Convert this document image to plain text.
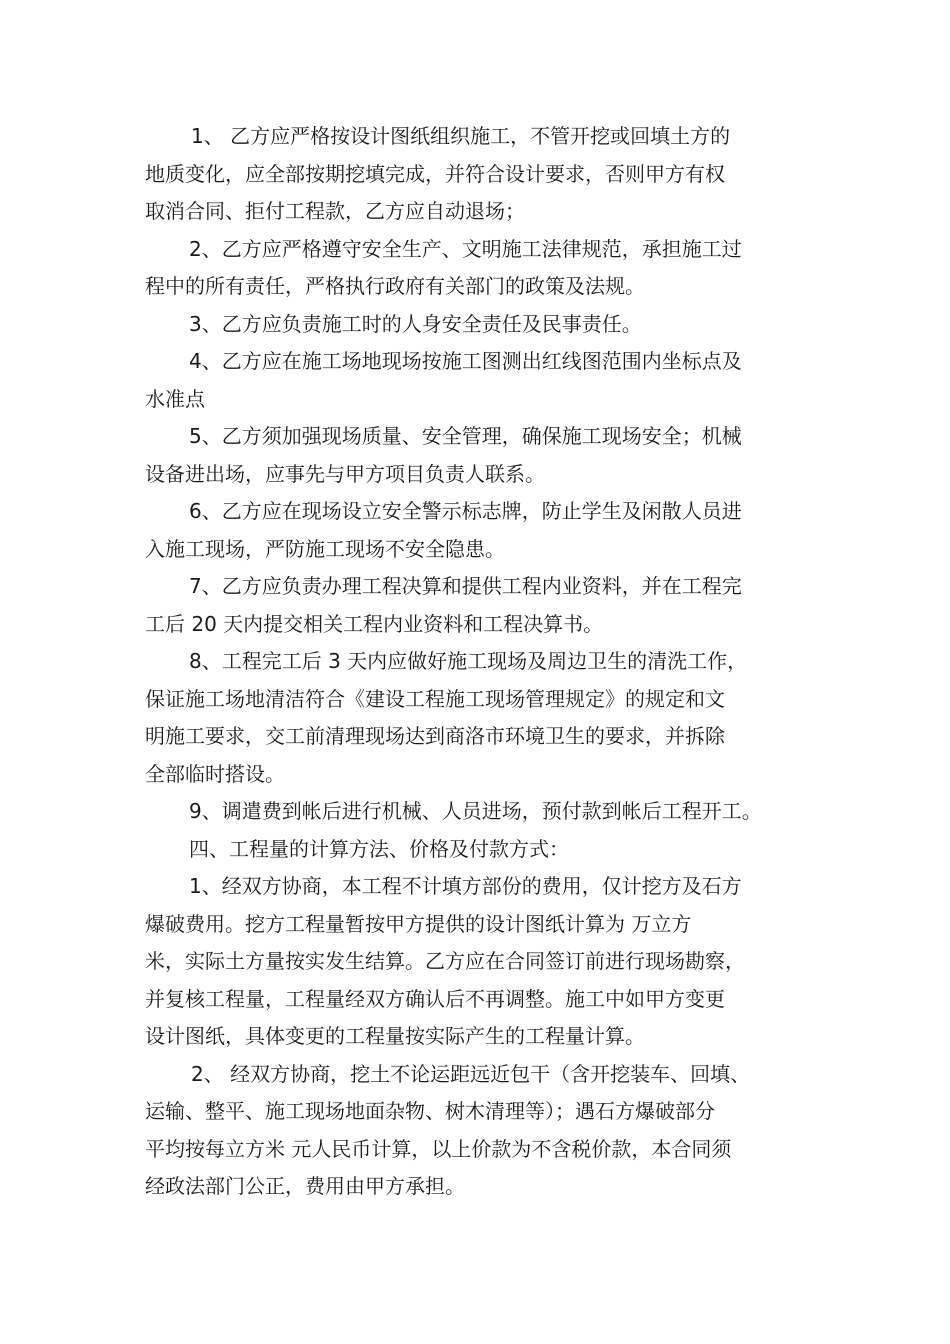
1、 乙方应严格按设计图纸组织施工，不管开挖或回填土方的
地质变化，应全部按期挖填完成，并符合设计要求，否则甲方有权
取消合同、拒付工程款，乙方应自动退场；
2、乙方应严格遵守安全生产、文明施工法律规范，承担施工过
程中的所有责任，严格执行政府有关部门的政策及法规。
3、乙方应负责施工时的人身安全责任及民事责任。
4、乙方应在施工场地现场按施工图测出红线图范围内坐标点及
水准点
5、乙方须加强现场质量、安全管理，确保施工现场安全；机械
设备进出场，应事先与甲方项目负责人联系。
6、乙方应在现场设立安全警示标志牌，防止学生及闲散人员进
入施工现场，严防施工现场不安全隐患。
7、乙方应负责办理工程决算和提供工程内业资料，并在工程完
工后 20 天内提交相关工程内业资料和工程决算书。
8、工程完工后 3 天内应做好施工现场及周边卫生的清洗工作，
保证施工场地清洁符合《建设工程施工现场管理规定》的规定和文
明施工要求，交工前清理现场达到商洛市环境卫生的要求，并拆除
全部临时搭设。
9、调遣费到帐后进行机械、人员进场，预付款到帐后工程开工。
四、工程量的计算方法、价格及付款方式：
1、经双方协商，本工程不计填方部份的费用，仅计挖方及石方
爆破费用。挖方工程量暂按甲方提供的设计图纸计算为 万立方
米，实际土方量按实发生结算。乙方应在合同签订前进行现场勘察，
并复核工程量，工程量经双方确认后不再调整。施工中如甲方变更
设计图纸，具体变更的工程量按实际产生的工程量计算。
2、 经双方协商，挖土不论运距远近包干（含开挖装车、回填、
运输、整平、施工现场地面杂物、树木清理等）；遇石方爆破部分
平均按每立方米 元人民币计算，以上价款为不含税价款，本合同须
经政法部门公正，费用由甲方承担。
